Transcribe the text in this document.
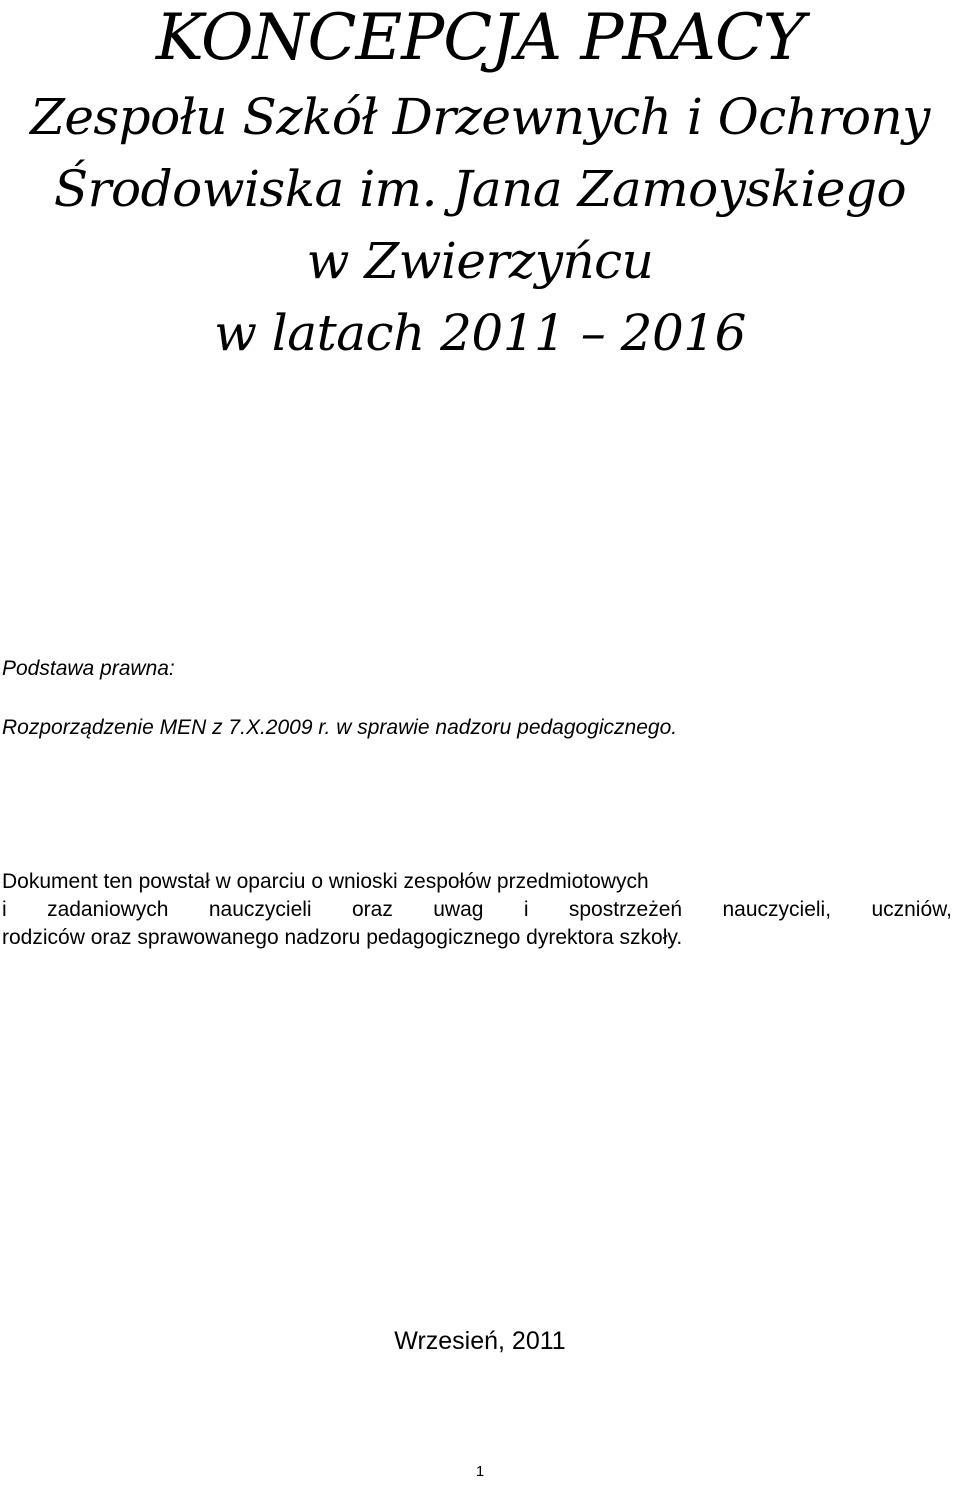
KONCEPCJA PRACY
Zespołu Szkół Drzewnych i Ochrony
Środowiska im. Jana Zamoyskiego
w Zwierzyńcu
w latach 2011 – 2016
Podstawa prawna:
Rozporządzenie MEN z 7.X.2009 r. w sprawie nadzoru pedagogicznego.
Dokument ten powstał w oparciu o wnioski zespołów przedmiotowych
i zadaniowych nauczycieli oraz uwag i spostrzeżeń nauczycieli, uczniów,
rodziców oraz sprawowanego nadzoru pedagogicznego dyrektora szkoły.
Wrzesień, 2011
1
